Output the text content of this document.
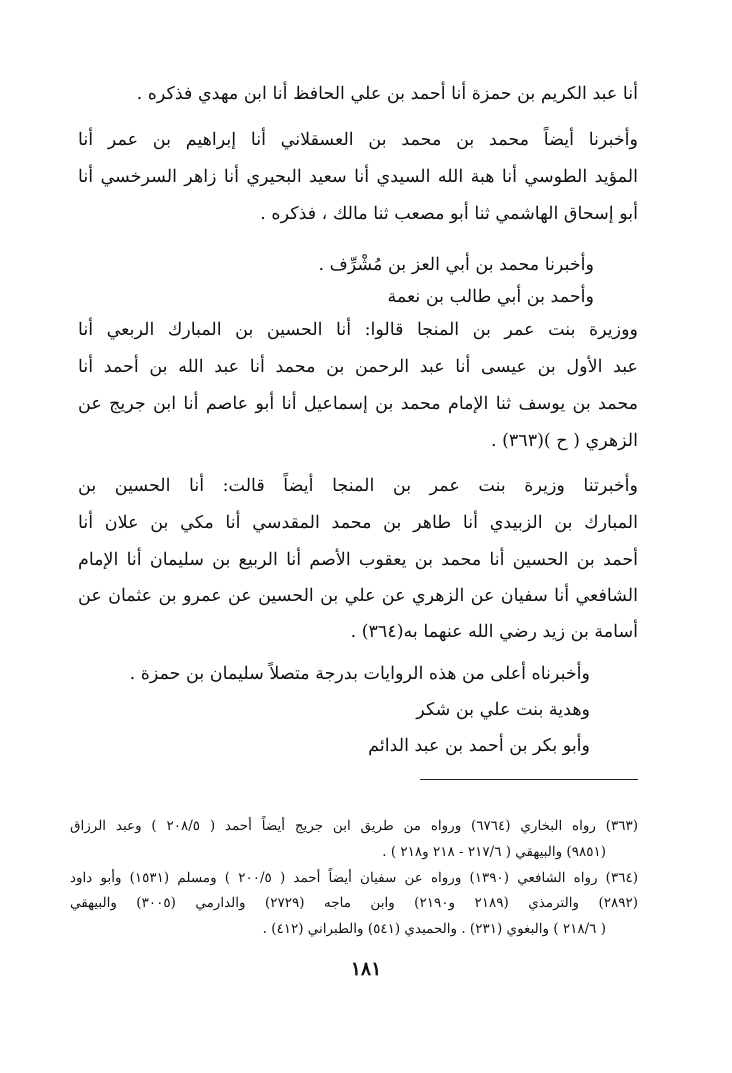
أنا عبد الكريم بن حمزة أنا أحمد بن علي الحافظ أنا ابن مهدي فذكره .

وأخبرنا أيضاً محمد بن محمد بن العسقلاني أنا إبراهيم بن عمر أنا

المؤيد الطوسي أنا هبة الله السيدي أنا سعيد البحيري أنا زاهر السرخسي أنا

أبو إسحاق الهاشمي ثنا أبو مصعب ثنا مالك ، فذكره .

وأخبرنا محمد بن أبي العز بن مُشْرِّف .

وأحمد بن أبي طالب بن نعمة

ووزيرة بنت عمر بن المنجا قالوا: أنا الحسين بن المبارك الربعي أنا

عبد الأول بن عيسى أنا عبد الرحمن بن محمد أنا عبد الله بن أحمد أنا

محمد بن يوسف ثنا الإمام محمد بن إسماعيل أنا أبو عاصم أنا ابن جريج عن

الزهري ( ح )(٣٦٣) .

وأخبرتنا وزيرة بنت عمر بن المنجا أيضاً قالت: أنا الحسين بن

المبارك بن الزبيدي أنا طاهر بن محمد المقدسي أنا مكي بن علان أنا

أحمد بن الحسين أنا محمد بن يعقوب الأصم أنا الربيع بن سليمان أنا الإمام

الشافعي أنا سفيان عن الزهري عن علي بن الحسين عن عمرو بن عثمان عن

أسامة بن زيد رضي الله عنهما به(٣٦٤) .

وأخبرناه أعلى من هذه الروايات بدرجة متصلاً سليمان بن حمزة .

وهدية بنت علي بن شكر

وأبو بكر بن أحمد بن عبد الدائم

(٣٦٣) رواه البخاري (٦٧٦٤) ورواه من طريق ابن جريج أيضاً أحمد ( ٢٠٨/٥ ) وعبد الرزاق

(٩٨٥١) والبيهقي ( ٢١٧/٦ - ٢١٨ و٢١٨ ) .

(٣٦٤) رواه الشافعي (١٣٩٠) ورواه عن سفيان أيضاً أحمد ( ٢٠٠/٥ ) ومسلم (١٥٣١) وأبو داود

(٢٨٩٢) والترمذي (٢١٨٩ و٢١٩٠) وابن ماجه (٢٧٢٩) والدارمي (٣٠٠٥) والبيهقي

( ٢١٨/٦ ) والبغوي (٢٣١) . والحميدي (٥٤١) والطبراني (٤١٢) .

١٨١
